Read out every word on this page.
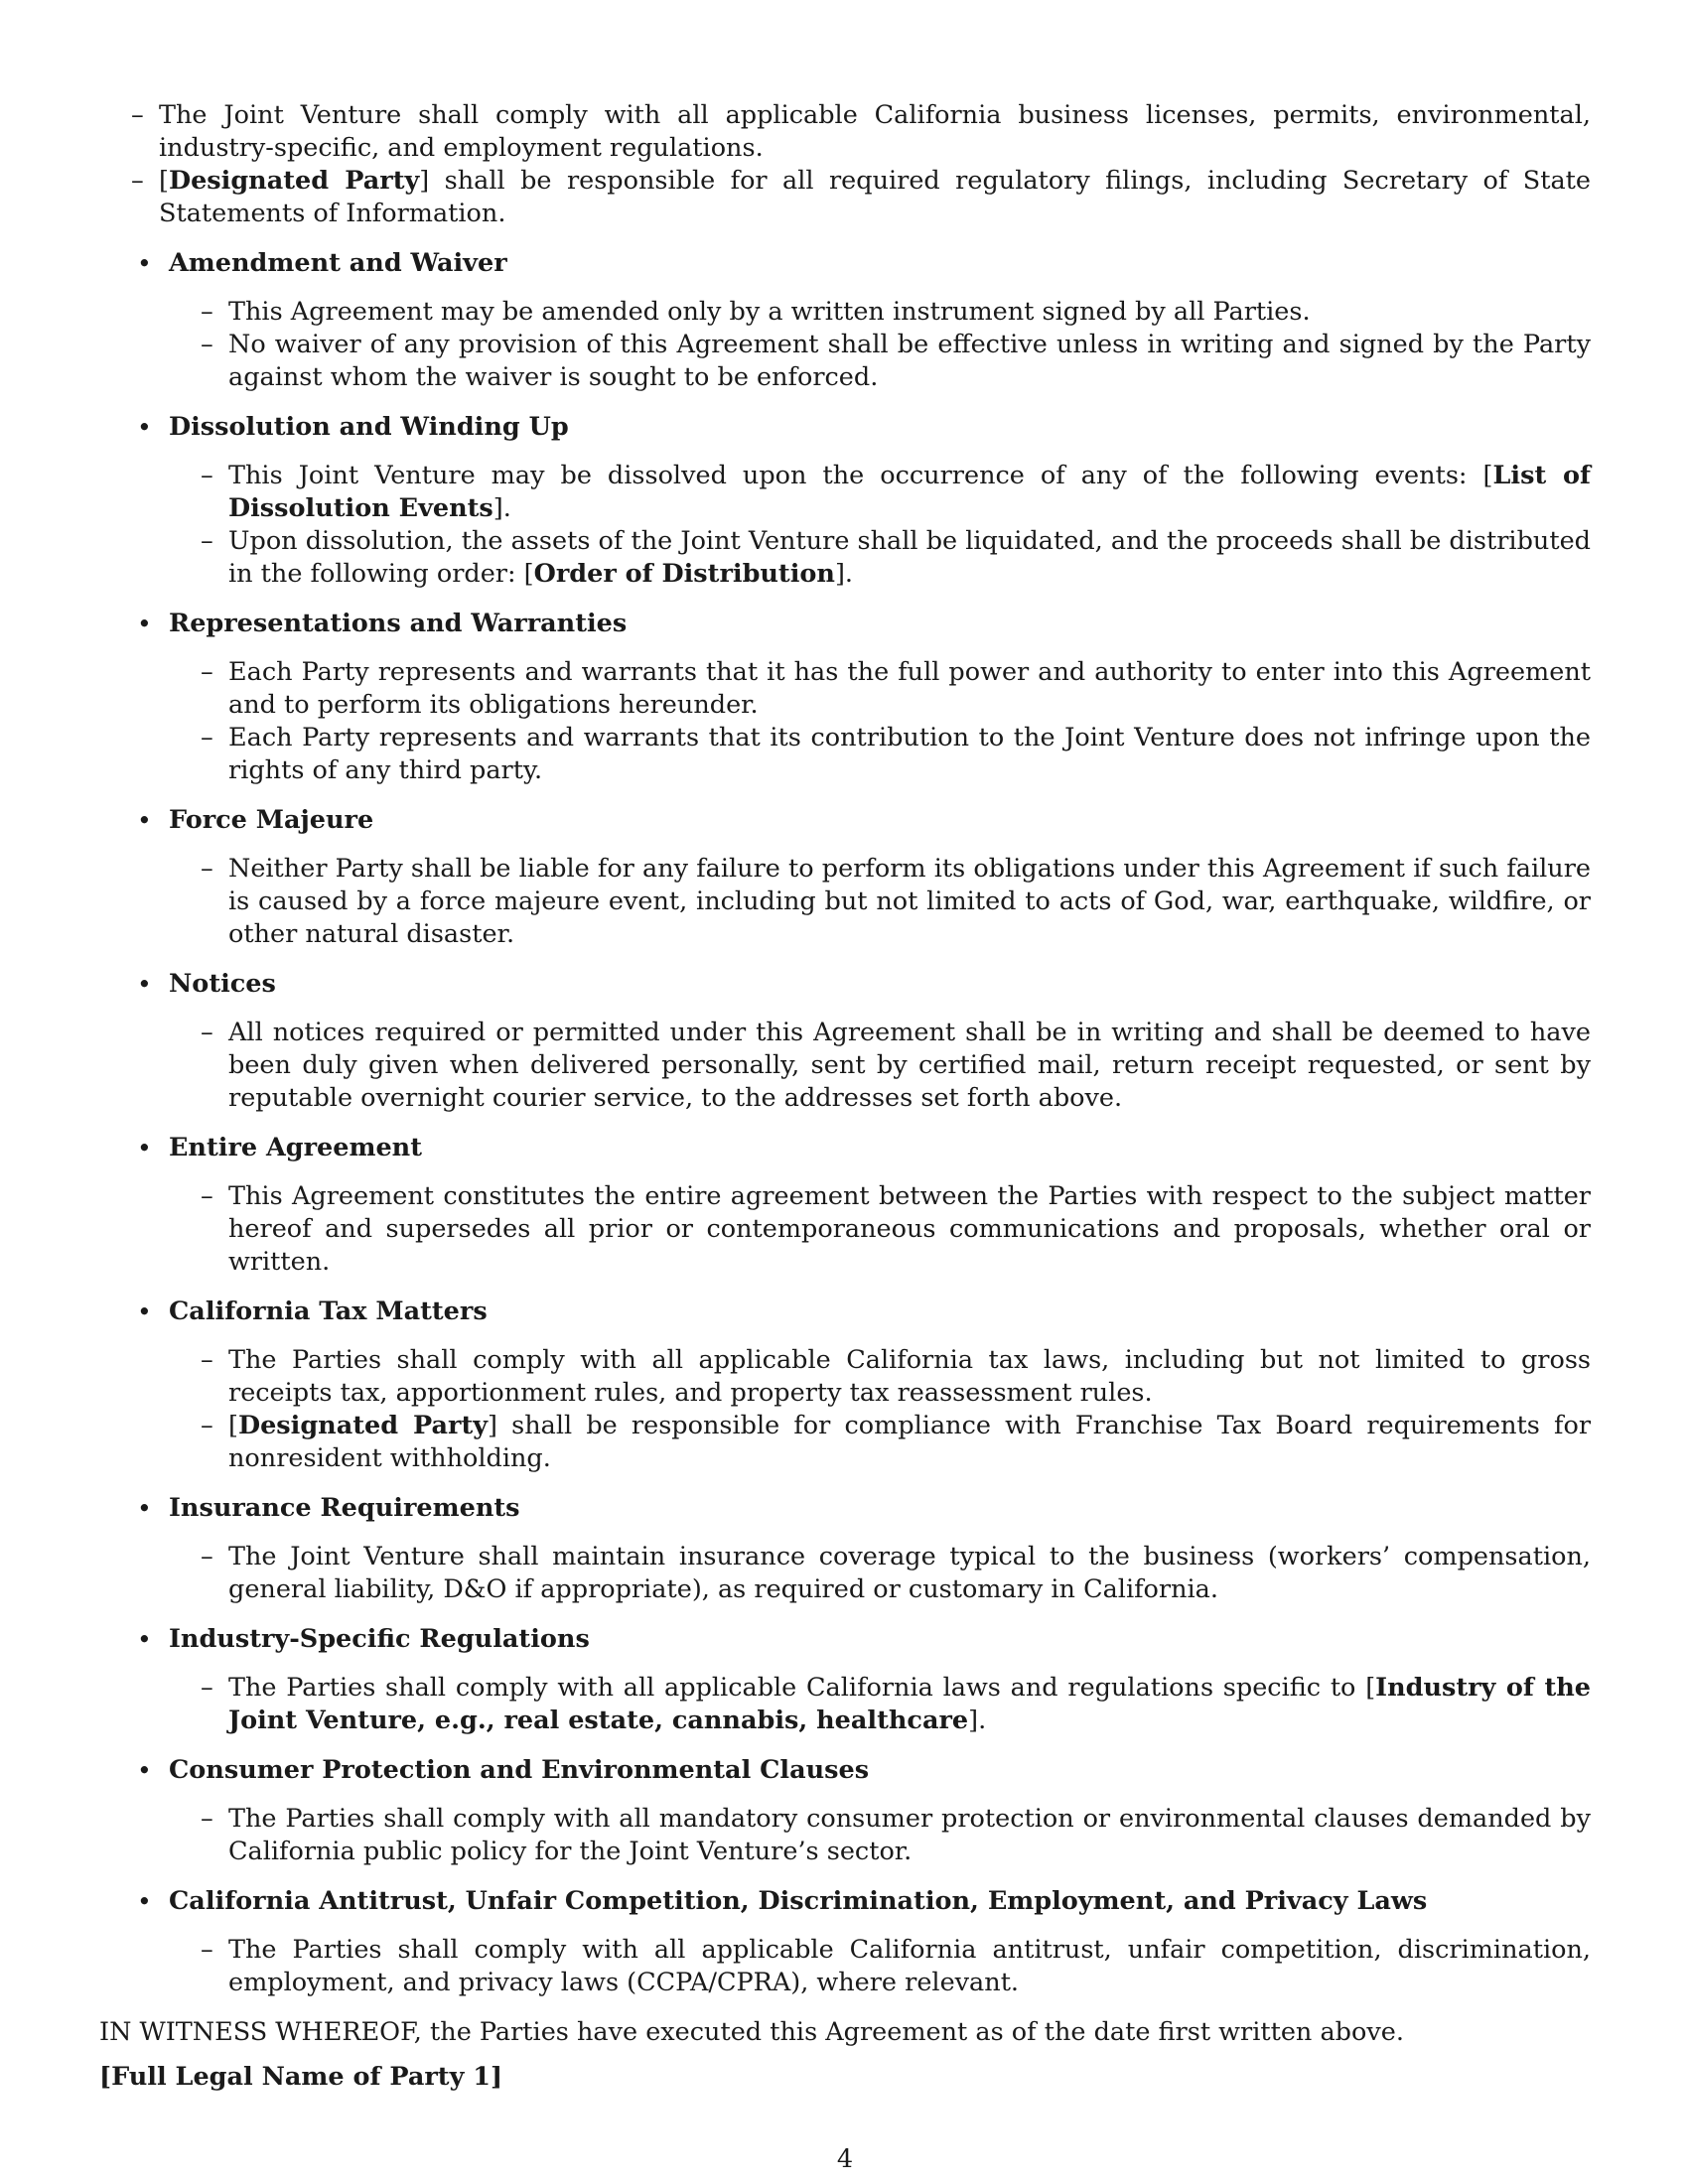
– The Joint Venture shall comply with all applicable California business licenses, permits, environmental, industry-specific, and employment regulations.
– [Designated Party] shall be responsible for all required regulatory filings, including Secretary of State Statements of Information.
• Amendment and Waiver
– This Agreement may be amended only by a written instrument signed by all Parties.
– No waiver of any provision of this Agreement shall be effective unless in writing and signed by the Party against whom the waiver is sought to be enforced.
• Dissolution and Winding Up
– This Joint Venture may be dissolved upon the occurrence of any of the following events: [List of Dissolution Events].
– Upon dissolution, the assets of the Joint Venture shall be liquidated, and the proceeds shall be distributed in the following order: [Order of Distribution].
• Representations and Warranties
– Each Party represents and warrants that it has the full power and authority to enter into this Agreement and to perform its obligations hereunder.
– Each Party represents and warrants that its contribution to the Joint Venture does not infringe upon the rights of any third party.
• Force Majeure
– Neither Party shall be liable for any failure to perform its obligations under this Agreement if such failure is caused by a force majeure event, including but not limited to acts of God, war, earthquake, wildfire, or other natural disaster.
• Notices
– All notices required or permitted under this Agreement shall be in writing and shall be deemed to have been duly given when delivered personally, sent by certified mail, return receipt requested, or sent by reputable overnight courier service, to the addresses set forth above.
• Entire Agreement
– This Agreement constitutes the entire agreement between the Parties with respect to the subject matter hereof and supersedes all prior or contemporaneous communications and proposals, whether oral or written.
• California Tax Matters
– The Parties shall comply with all applicable California tax laws, including but not limited to gross receipts tax, apportionment rules, and property tax reassessment rules.
– [Designated Party] shall be responsible for compliance with Franchise Tax Board requirements for nonresident withholding.
• Insurance Requirements
– The Joint Venture shall maintain insurance coverage typical to the business (workers’ compensation, general liability, D&O if appropriate), as required or customary in California.
• Industry-Specific Regulations
– The Parties shall comply with all applicable California laws and regulations specific to [Industry of the Joint Venture, e.g., real estate, cannabis, healthcare].
• Consumer Protection and Environmental Clauses
– The Parties shall comply with all mandatory consumer protection or environmental clauses demanded by California public policy for the Joint Venture’s sector.
• California Antitrust, Unfair Competition, Discrimination, Employment, and Privacy Laws
– The Parties shall comply with all applicable California antitrust, unfair competition, discrimination, employment, and privacy laws (CCPA/CPRA), where relevant.

IN WITNESS WHEREOF, the Parties have executed this Agreement as of the date first written above.

[Full Legal Name of Party 1]

4
